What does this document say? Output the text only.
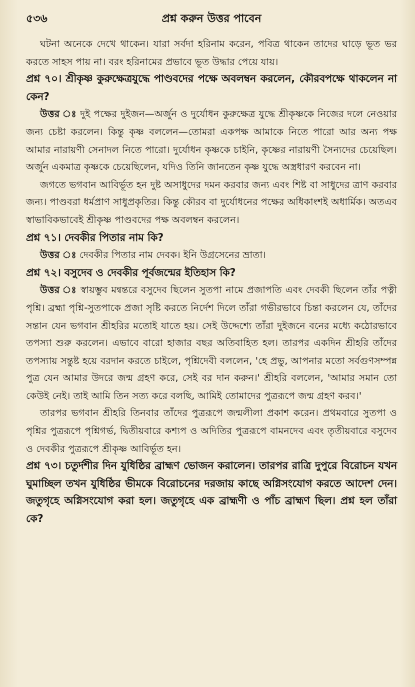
৫৩৬	প্রশ্ন করুন উত্তর পাবেন

ঘটনা অনেকে দেখে থাকেন। যারা সর্বদা হরিনাম করেন, পবিত্র থাকেন তাদের ঘাড়ে ভূত ভর করতে সাহস পায় না। বরং হরিনামের প্রভাবে ভূত উদ্ধার পেয়ে যায়।

প্রশ্ন ৭০। শ্রীকৃষ্ণ কুরুক্ষেত্রযুদ্ধে পাণ্ডবদের পক্ষে অবলম্বন করলেন, কৌরবপক্ষে থাকলেন না কেন?

উত্তর ঃ দুই পক্ষের দুইজন—অর্জুন ও দুর্যোধন কুরুক্ষেত্র যুদ্ধে শ্রীকৃষ্ণকে নিজের দলে নেওয়ার জন্য চেষ্টা করলেন। কিন্তু কৃষ্ণ বললেন—তোমরা একপক্ষ আমাকে নিতে পারো আর অন্য পক্ষ আমার নারায়ণী সেনাদল নিতে পারো। দুর্যোধন কৃষ্ণকে চাইনি, কৃষ্ণের নারায়ণী সৈন্যদের চেয়েছিল। অর্জুন একমাত্র কৃষ্ণকে চেয়েছিলেন, যদিও তিনি জানতেন কৃষ্ণ যুদ্ধে অস্ত্রধারণ করবেন না।

জগতে ভগবান আবির্ভূত হন দুষ্ট অসাধুদের দমন করবার জন্য এবং শিষ্ট বা সাধুদের ত্রাণ করবার জন্য। পাণ্ডবরা ধর্মপ্রাণ সাধুপ্রকৃতির। কিন্তু কৌরব বা দুর্যোধনের পক্ষের অধিকাংশই অধার্মিক। অতএব স্বাভাবিকভাবেই শ্রীকৃষ্ণ পাণ্ডবদের পক্ষ অবলম্বন করলেন।

প্রশ্ন ৭১। দেবকীর পিতার নাম কি?

উত্তর ঃ দেবকীর পিতার নাম দেবক। ইনি উগ্রসেনের ভ্রাতা।

প্রশ্ন ৭২। বসুদেব ও দেবকীর পূর্বজন্মের ইতিহাস কি?

উত্তর ঃ স্বায়ম্ভুব মন্বন্তরে বসুদেব ছিলেন সুতপা নামে প্রজাপতি এবং দেবকী ছিলেন তাঁর পত্নী পৃশ্নি। ব্রহ্মা পৃশ্নি-সুতপাকে প্রজা সৃষ্টি করতে নির্দেশ দিলে তাঁরা গভীরভাবে চিন্তা করলেন যে, তাঁদের সন্তান যেন ভগবান শ্রীহরির মতোই যাতে হয়। সেই উদ্দেশ্যে তাঁরা দুইজনে বনের মধ্যে কঠোরভাবে তপস্যা শুরু করলেন। এভাবে বারো হাজার বছর অতিবাহিত হল। তারপর একদিন শ্রীহরি তাঁদের তপস্যায় সন্তুষ্ট হয়ে বরদান করতে চাইলে, পৃশ্নিদেবী বললেন, 'হে প্রভু, আপনার মতো সর্বগুণসম্পন্ন পুত্র যেন আমার উদরে জন্ম গ্রহণ করে, সেই বর দান করুন।' শ্রীহরি বললেন, 'আমার সমান তো কেউই নেই। তাই আমি তিন সত্য করে বলছি, আমিই তোমাদের পুত্ররূপে জন্ম গ্রহণ করব।'

তারপর ভগবান শ্রীহরি তিনবার তাঁদের পুত্ররূপে জন্মলীলা প্রকাশ করেন। প্রথমবারে সুতপা ও পৃশ্নির পুত্ররূপে পৃশ্নিগর্ভ, দ্বিতীয়বারে কশ্যপ ও অদিতির পুত্ররূপে বামনদেব এবং তৃতীয়বারে বসুদেব ও দেবকীর পুত্ররূপে শ্রীকৃষ্ণ আবির্ভূত হন।

প্রশ্ন ৭৩। চতুর্দশীর দিন যুধিষ্ঠির ব্রাহ্মণ ভোজন করালেন। তারপর রাত্রি দুপুরে বিরোচন যখন ঘুমাচ্ছিল তখন যুধিষ্ঠির ভীমকে বিরোচনের দরজায় কাছে অগ্নিসংযোগ করতে আদেশ দেন। জতুগৃহে অগ্নিসংযোগ করা হল। জতুগৃহে এক ব্রাহ্মণী ও পাঁচ ব্রাহ্মণ ছিল। প্রশ্ন হল তাঁরা কে?
